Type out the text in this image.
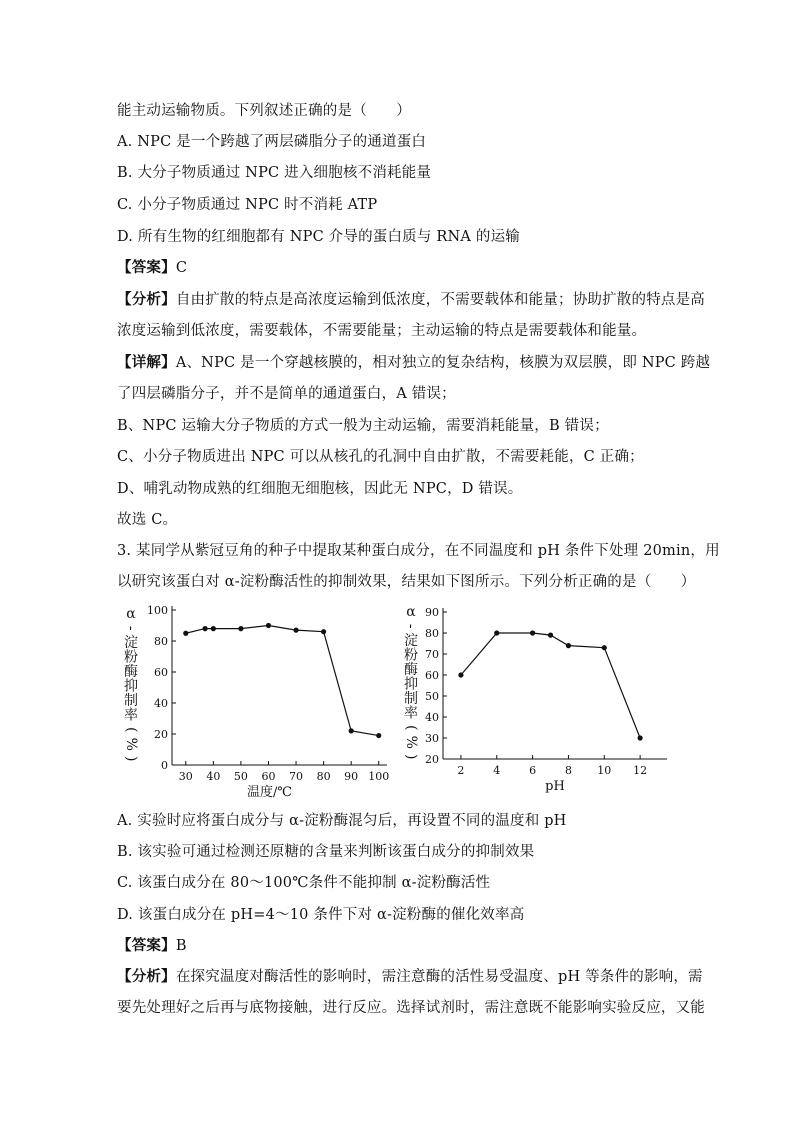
能主动运输物质。下列叙述正确的是（　　）
A. NPC 是一个跨越了两层磷脂分子的通道蛋白
B. 大分子物质通过 NPC 进入细胞核不消耗能量
C. 小分子物质通过 NPC 时不消耗 ATP
D. 所有生物的红细胞都有 NPC 介导的蛋白质与 RNA 的运输
【答案】C
【分析】自由扩散的特点是高浓度运输到低浓度，不需要载体和能量；协助扩散的特点是高
浓度运输到低浓度，需要载体，不需要能量；主动运输的特点是需要载体和能量。
【详解】A、NPC 是一个穿越核膜的，相对独立的复杂结构，核膜为双层膜，即 NPC 跨越
了四层磷脂分子，并不是简单的通道蛋白，A 错误；
B、NPC 运输大分子物质的方式一般为主动运输，需要消耗能量，B 错误；
C、小分子物质进出 NPC 可以从核孔的孔洞中自由扩散，不需要耗能，C 正确；
D、哺乳动物成熟的红细胞无细胞核，因此无 NPC，D 错误。
故选 C。
3. 某同学从紫冠豆角的种子中提取某种蛋白成分，在不同温度和 pH 条件下处理 20min，用
以研究该蛋白对 α-淀粉酶活性的抑制效果，结果如下图所示。下列分析正确的是（　　）
0
20
40
60
80
100
30 40 50 60 70 80 90 100
温度/℃
α
-
淀
粉
酶
抑
制
率
(
%
)	20
30
40
50
60
70
80
90
2	4	6	8 10 12
pH
α
-
淀
粉
酶
抑
制
率
(
%
)
A. 实验时应将蛋白成分与 α-淀粉酶混匀后，再设置不同的温度和 pH
B. 该实验可通过检测还原糖的含量来判断该蛋白成分的抑制效果
C. 该蛋白成分在 80～100℃条件不能抑制 α-淀粉酶活性
D. 该蛋白成分在 pH=4～10 条件下对 α-淀粉酶的催化效率高
【答案】B
【分析】在探究温度对酶活性的影响时，需注意酶的活性易受温度、pH 等条件的影响，需
要先处理好之后再与底物接触，进行反应。选择试剂时，需注意既不能影响实验反应，又能
